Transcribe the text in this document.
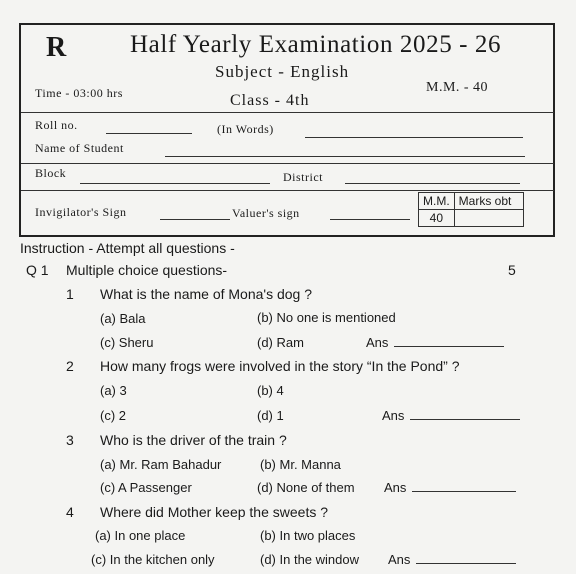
R	Half Yearly Examination 2025 - 26
Time - 03:00 hrs
Subject - English
Class - 4th
M.M. - 40
Roll no.	(In Words)
Name of Student
Block	District
Invigilator's Sign	Valuer's sign
M.M.	Marks obt
40	
Instruction - Attempt all questions -
Q 1 Multiple choice questions-	5
1 What is the name of Mona's dog ?
(a) Bala	(b) No one is mentioned
(c) Sheru	(d) Ram	Ans
2 How many frogs were involved in the story “In the Pond” ?
(a) 3	(b) 4
(c) 2	(d) 1	Ans
3 Who is the driver of the train ?
(a) Mr. Ram Bahadur	(b) Mr. Manna
(c) A Passenger	(d) None of them Ans
4 Where did Mother keep the sweets ?
(a) In one place	(b) In two places
(c) In the kitchen only	(d) In the window Ans
